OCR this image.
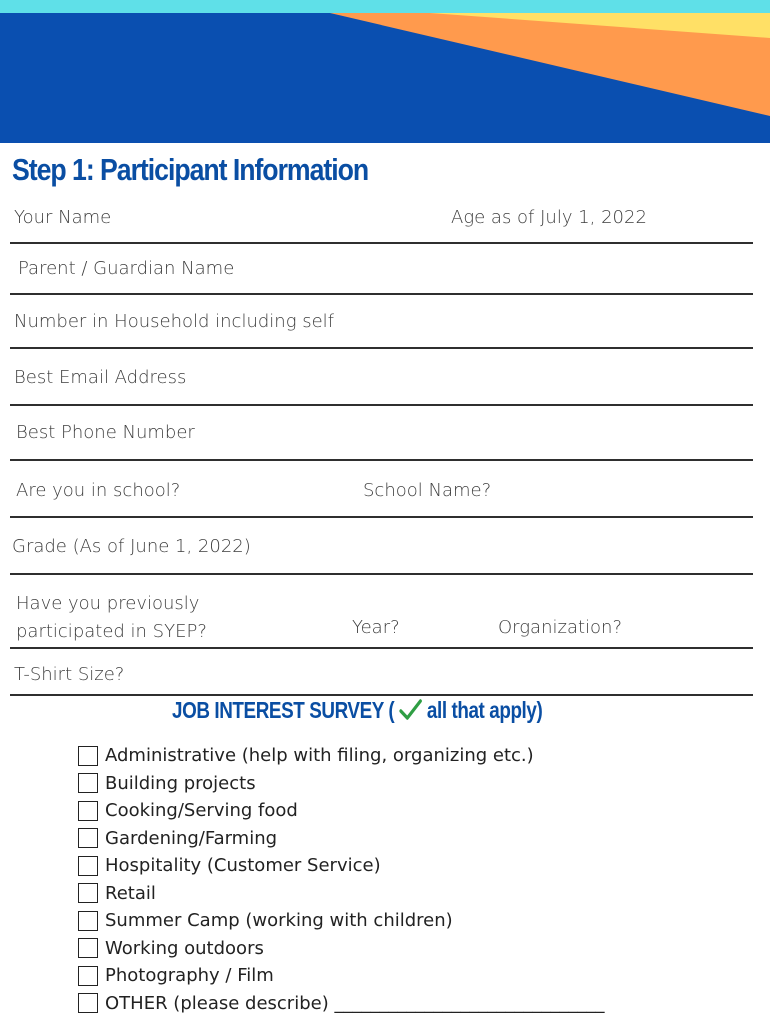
Step 1: Participant Information
Your Name	Age as of July 1, 2022
Parent / Guardian Name
Number in Household including self
Best Email Address
Best Phone Number
Are you in school?	School Name?
Grade (As of June 1, 2022)
Have you previously participated in SYEP?	Year?	Organization?
T-Shirt Size?
JOB INTEREST SURVEY (  all that apply)
Administrative (help with filing, organizing etc.)
Building projects
Cooking/Serving food
Gardening/Farming
Hospitality (Customer Service)
Retail
Summer Camp (working with children)
Working outdoors
Photography / Film
OTHER (please describe) ______________________________
